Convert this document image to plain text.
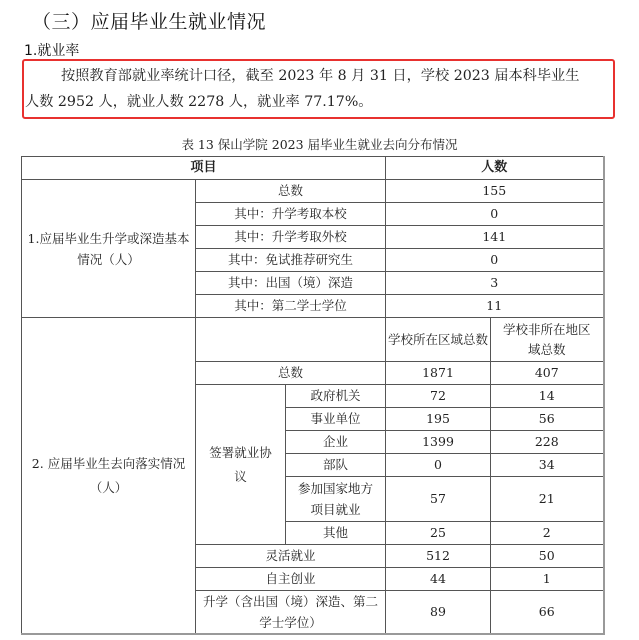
（三）应届毕业生就业情况
1.就业率
按照教育部就业率统计口径，截至 2023 年 8 月 31 日，学校 2023 届本科毕业生人数 2952 人，就业人数 2278 人，就业率 77.17%。
表 13 保山学院 2023 届毕业生就业去向分布情况
项目			人数	
1.应届毕业生升学或深造基本情况（人）	总数		155	
	其中：升学考取本校		0	
	其中：升学考取外校		141	
	其中：免试推荐研究生		0	
	其中：出国（境）深造		3	
	其中：第二学士学位		11	
2. 应届毕业生去向落实情况（人）			学校所在区域总数	学校非所在地区域总数
	总数		1871	407
	签署就业协议	政府机关	72	14
		事业单位	195	56
		企业	1399	228
		部队	0	34
		参加国家地方项目就业	57	21
		其他	25	2
	灵活就业		512	50
	自主创业		44	1
	升学（含出国（境）深造、第二学士学位）		89	66
